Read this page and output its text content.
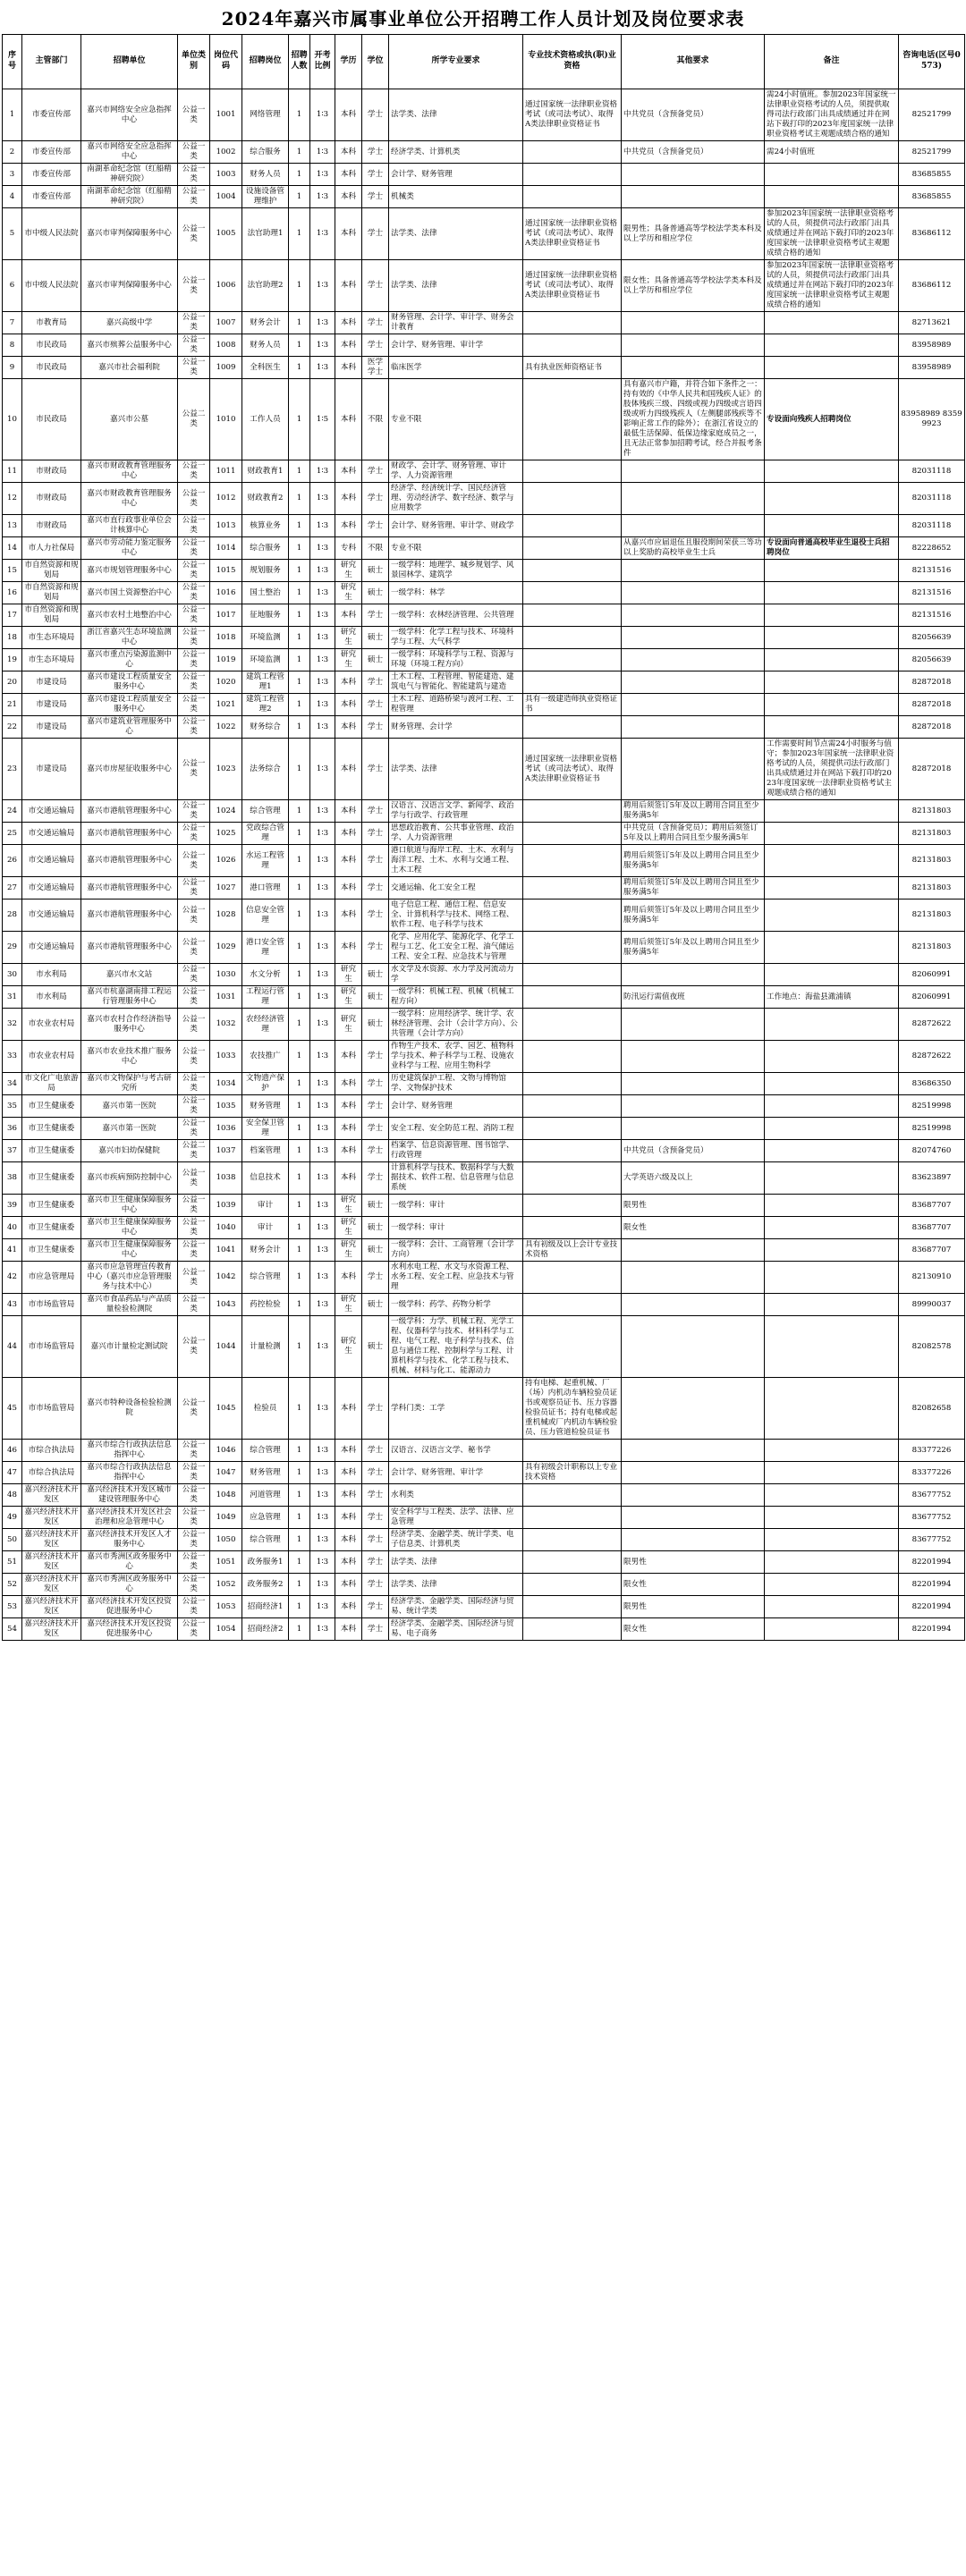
2024年嘉兴市属事业单位公开招聘工作人员计划及岗位要求表
序号	主管部门	招聘单位	单位类别	岗位代码	招聘岗位	招聘人数	开考比例	学历	学位	所学专业要求	专业技术资格或执(职)业资格	其他要求	备注	咨询电话(区号0573)
1	市委宣传部	嘉兴市网络安全应急指挥中心	公益一类	1001	网络管理	1	1∶3	本科	学士	法学类、法律	通过国家统一法律职业资格考试（或司法考试）、取得A类法律职业资格证书	中共党员（含预备党员）	需24小时值班。参加2023年国家统一法律职业资格考试的人员，须提供取得司法行政部门出具成绩通过并在网站下载打印的2023年度国家统一法律职业资格考试主观题成绩合格的通知	82521799
2	市委宣传部	嘉兴市网络安全应急指挥中心	公益一类	1002	综合服务	1	1∶3	本科	学士	经济学类、计算机类		中共党员（含预备党员）	需24小时值班	82521799
3	市委宣传部	南湖革命纪念馆（红船精神研究院）	公益一类	1003	财务人员	1	1∶3	本科	学士	会计学、财务管理				83685855
4	市委宣传部	南湖革命纪念馆（红船精神研究院）	公益一类	1004	设施设备管理维护	1	1∶3	本科	学士	机械类				83685855
5	市中级人民法院	嘉兴市审判保障服务中心	公益一类	1005	法官助理1	1	1∶3	本科	学士	法学类、法律	通过国家统一法律职业资格考试（或司法考试）、取得A类法律职业资格证书	限男性；具备普通高等学校法学类本科及以上学历和相应学位	参加2023年国家统一法律职业资格考试的人员，须提供司法行政部门出具成绩通过并在网站下载打印的2023年度国家统一法律职业资格考试主观题成绩合格的通知	83686112
6	市中级人民法院	嘉兴市审判保障服务中心	公益一类	1006	法官助理2	1	1∶3	本科	学士	法学类、法律	通过国家统一法律职业资格考试（或司法考试）、取得A类法律职业资格证书	限女性；具备普通高等学校法学类本科及以上学历和相应学位	参加2023年国家统一法律职业资格考试的人员，须提供司法行政部门出具成绩通过并在网站下载打印的2023年度国家统一法律职业资格考试主观题成绩合格的通知	83686112
7	市教育局	嘉兴高级中学	公益一类	1007	财务会计	1	1∶3	本科	学士	财务管理、会计学、审计学、财务会计教育				82713621
8	市民政局	嘉兴市殡葬公益服务中心	公益一类	1008	财务人员	1	1∶3	本科	学士	会计学、财务管理、审计学				83958989
9	市民政局	嘉兴市社会福利院	公益一类	1009	全科医生	1	1∶3	本科	医学学士	临床医学	具有执业医师资格证书			83958989
10	市民政局	嘉兴市公墓	公益二类	1010	工作人员	1	1∶5	本科	不限	专业不限		具有嘉兴市户籍，并符合如下条件之一：持有效的《中华人民共和国残疾人证》的肢体残疾三级、四级或视力四级或言语四级或听力四级残疾人（左侧腿部残疾等不影响正常工作的除外）；在浙江省设立的最低生活保障、低保边缘家庭成员之一，且无法正常参加招聘考试，经合并报考条件	专设面向残疾人招聘岗位	83958989 83599923
11	市财政局	嘉兴市财政教育管理服务中心	公益一类	1011	财政教育1	1	1∶3	本科	学士	财政学、会计学、财务管理、审计学、人力资源管理				82031118
12	市财政局	嘉兴市财政教育管理服务中心	公益一类	1012	财政教育2	1	1∶3	本科	学士	经济学、经济统计学、国民经济管理、劳动经济学、数字经济、数学与应用数学				82031118
13	市财政局	嘉兴市直行政事业单位会计核算中心	公益一类	1013	核算业务	1	1∶3	本科	学士	会计学、财务管理、审计学、财政学				82031118
14	市人力社保局	嘉兴市劳动能力鉴定服务中心	公益一类	1014	综合服务	1	1∶3	专科	不限	专业不限		从嘉兴市应届退伍且服役期间荣获三等功以上奖励的高校毕业生士兵	专设面向普通高校毕业生退役士兵招聘岗位	82228652
15	市自然资源和规划局	嘉兴市规划管理服务中心	公益一类	1015	规划服务	1	1∶3	研究生	硕士	一级学科：地理学、城乡规划学、风景园林学、建筑学				82131516
16	市自然资源和规划局	嘉兴市国土资源整治中心	公益一类	1016	国土整治	1	1∶3	研究生	硕士	一级学科：林学				82131516
17	市自然资源和规划局	嘉兴市农村土地整治中心	公益一类	1017	征地服务	1	1∶3	本科	学士	一级学科：农林经济管理、公共管理				82131516
18	市生态环境局	浙江省嘉兴生态环境监测中心	公益一类	1018	环境监测	1	1∶3	研究生	硕士	一级学科：化学工程与技术、环境科学与工程、大气科学				82056639
19	市生态环境局	嘉兴市重点污染源监测中心	公益一类	1019	环境监测	1	1∶3	研究生	硕士	一级学科：环境科学与工程、资源与环境（环境工程方向）				82056639
20	市建设局	嘉兴市建设工程质量安全服务中心	公益一类	1020	建筑工程管理1	1	1∶3	本科	学士	土木工程、工程管理、智能建造、建筑电气与智能化、智能建筑与建造				82872018
21	市建设局	嘉兴市建设工程质量安全服务中心	公益一类	1021	建筑工程管理2	1	1∶3	本科	学士	土木工程、道路桥梁与渡河工程、工程管理	具有一级建造师执业资格证书			82872018
22	市建设局	嘉兴市建筑业管理服务中心	公益一类	1022	财务综合	1	1∶3	本科	学士	财务管理、会计学				82872018
23	市建设局	嘉兴市房屋征收服务中心	公益一类	1023	法务综合	1	1∶3	本科	学士	法学类、法律	通过国家统一法律职业资格考试（或司法考试）、取得A类法律职业资格证书		工作需要时间节点需24小时服务与值守；参加2023年国家统一法律职业资格考试的人员，须提供司法行政部门出具成绩通过并在网站下载打印的2023年度国家统一法律职业资格考试主观题成绩合格的通知	82872018
24	市交通运输局	嘉兴市港航管理服务中心	公益一类	1024	综合管理	1	1∶3	本科	学士	汉语言、汉语言文学、新闻学、政治学与行政学、行政管理		聘用后须签订5年及以上聘用合同且至少服务满5年		82131803
25	市交通运输局	嘉兴市港航管理服务中心	公益一类	1025	党政综合管理	1	1∶3	本科	学士	思想政治教育、公共事业管理、政治学、人力资源管理		中共党员（含预备党员）；聘用后须签订5年及以上聘用合同且至少服务满5年		82131803
26	市交通运输局	嘉兴市港航管理服务中心	公益一类	1026	水运工程管理	1	1∶3	本科	学士	港口航道与海岸工程、土木、水利与海洋工程、土木、水利与交通工程、土木工程		聘用后须签订5年及以上聘用合同且至少服务满5年		82131803
27	市交通运输局	嘉兴市港航管理服务中心	公益一类	1027	港口管理	1	1∶3	本科	学士	交通运输、化工安全工程		聘用后须签订5年及以上聘用合同且至少服务满5年		82131803
28	市交通运输局	嘉兴市港航管理服务中心	公益一类	1028	信息安全管理	1	1∶3	本科	学士	电子信息工程、通信工程、信息安全、计算机科学与技术、网络工程、软件工程、电子科学与技术		聘用后须签订5年及以上聘用合同且至少服务满5年		82131803
29	市交通运输局	嘉兴市港航管理服务中心	公益一类	1029	港口安全管理	1	1∶3	本科	学士	化学、应用化学、能源化学、化学工程与工艺、化工安全工程、油气储运工程、安全工程、应急技术与管理		聘用后须签订5年及以上聘用合同且至少服务满5年		82131803
30	市水利局	嘉兴市水文站	公益一类	1030	水文分析	1	1∶3	研究生	硕士	水文学及水资源、水力学及河流动力学				82060991
31	市水利局	嘉兴市杭嘉湖南排工程运行管理服务中心	公益一类	1031	工程运行管理	1	1∶3	研究生	硕士	一级学科：机械工程、机械（机械工程方向）		防汛运行需值夜班	工作地点：海盐县澉浦镇	82060991
32	市农业农村局	嘉兴市农村合作经济指导服务中心	公益一类	1032	农经经济管理	1	1∶3	研究生	硕士	一级学科：应用经济学、统计学、农林经济管理、会计（会计学方向）、公共管理（会计学方向）				82872622
33	市农业农村局	嘉兴市农业技术推广服务中心	公益一类	1033	农技推广	1	1∶3	本科	学士	作物生产技术、农学、园艺、植物科学与技术、种子科学与工程、设施农业科学与工程、应用生物科学				82872622
34	市文化广电旅游局	嘉兴市文物保护与考古研究所	公益一类	1034	文物遗产保护	1	1∶3	本科	学士	历史建筑保护工程、文物与博物馆学、文物保护技术				83686350
35	市卫生健康委	嘉兴市第一医院	公益一类	1035	财务管理	1	1∶3	本科	学士	会计学、财务管理				82519998
36	市卫生健康委	嘉兴市第一医院	公益一类	1036	安全保卫管理	1	1∶3	本科	学士	安全工程、安全防范工程、消防工程				82519998
37	市卫生健康委	嘉兴市妇幼保健院	公益二类	1037	档案管理	1	1∶3	本科	学士	档案学、信息资源管理、图书馆学、行政管理		中共党员（含预备党员）		82074760
38	市卫生健康委	嘉兴市疾病预防控制中心	公益一类	1038	信息技术	1	1∶3	本科	学士	计算机科学与技术、数据科学与大数据技术、软件工程、信息管理与信息系统		大学英语六级及以上		83623897
39	市卫生健康委	嘉兴市卫生健康保障服务中心	公益一类	1039	审计	1	1∶3	研究生	硕士	一级学科：审计		限男性		83687707
40	市卫生健康委	嘉兴市卫生健康保障服务中心	公益一类	1040	审计	1	1∶3	研究生	硕士	一级学科：审计		限女性		83687707
41	市卫生健康委	嘉兴市卫生健康保障服务中心	公益一类	1041	财务会计	1	1∶3	研究生	硕士	一级学科：会计、工商管理（会计学方向）	具有初级及以上会计专业技术资格			83687707
42	市应急管理局	嘉兴市应急管理宣传教育中心（嘉兴市应急管理服务与技术中心）	公益一类	1042	综合管理	1	1∶3	本科	学士	水利水电工程、水文与水资源工程、水务工程、安全工程、应急技术与管理				82130910
43	市市场监管局	嘉兴市食品药品与产品质量检验检测院	公益一类	1043	药控检验	1	1∶3	研究生	硕士	一级学科：药学、药物分析学				89990037
44	市市场监管局	嘉兴市计量检定测试院	公益一类	1044	计量检测	1	1∶3	研究生	硕士	一级学科：力学、机械工程、光学工程、仪器科学与技术、材料科学与工程、电气工程、电子科学与技术、信息与通信工程、控制科学与工程、计算机科学与技术、化学工程与技术、机械、材料与化工、能源动力				82082578
45	市市场监管局	嘉兴市特种设备检验检测院	公益一类	1045	检验员	1	1∶3	本科	学士	学科门类：工学	持有电梯、起重机械、厂（场）内机动车辆检验员证书或观察员证书、压力容器检验员证书；持有电梯或起重机械或厂内机动车辆检验员、压力管道检验员证书			82082658
46	市综合执法局	嘉兴市综合行政执法信息指挥中心	公益一类	1046	综合管理	1	1∶3	本科	学士	汉语言、汉语言文学、秘书学				83377226
47	市综合执法局	嘉兴市综合行政执法信息指挥中心	公益一类	1047	财务管理	1	1∶3	本科	学士	会计学、财务管理、审计学	具有初级会计职称以上专业技术资格			83377226
48	嘉兴经济技术开发区	嘉兴经济技术开发区城市建设管理服务中心	公益一类	1048	河道管理	1	1∶3	本科	学士	水利类				83677752
49	嘉兴经济技术开发区	嘉兴经济技术开发区社会治理和应急管理中心	公益一类	1049	应急管理	1	1∶3	本科	学士	安全科学与工程类、法学、法律、应急管理				83677752
50	嘉兴经济技术开发区	嘉兴经济技术开发区人才服务中心	公益一类	1050	综合管理	1	1∶3	本科	学士	经济学类、金融学类、统计学类、电子信息类、计算机类				83677752
51	嘉兴经济技术开发区	嘉兴市秀洲区政务服务中心	公益一类	1051	政务服务1	1	1∶3	本科	学士	法学类、法律		限男性		82201994
52	嘉兴经济技术开发区	嘉兴市秀洲区政务服务中心	公益一类	1052	政务服务2	1	1∶3	本科	学士	法学类、法律		限女性		82201994
53	嘉兴经济技术开发区	嘉兴经济技术开发区投资促进服务中心	公益一类	1053	招商经济1	1	1∶3	本科	学士	经济学类、金融学类、国际经济与贸易、统计学类		限男性		82201994
54	嘉兴经济技术开发区	嘉兴经济技术开发区投资促进服务中心	公益一类	1054	招商经济2	1	1∶3	本科	学士	经济学类、金融学类、国际经济与贸易、电子商务		限女性		82201994
